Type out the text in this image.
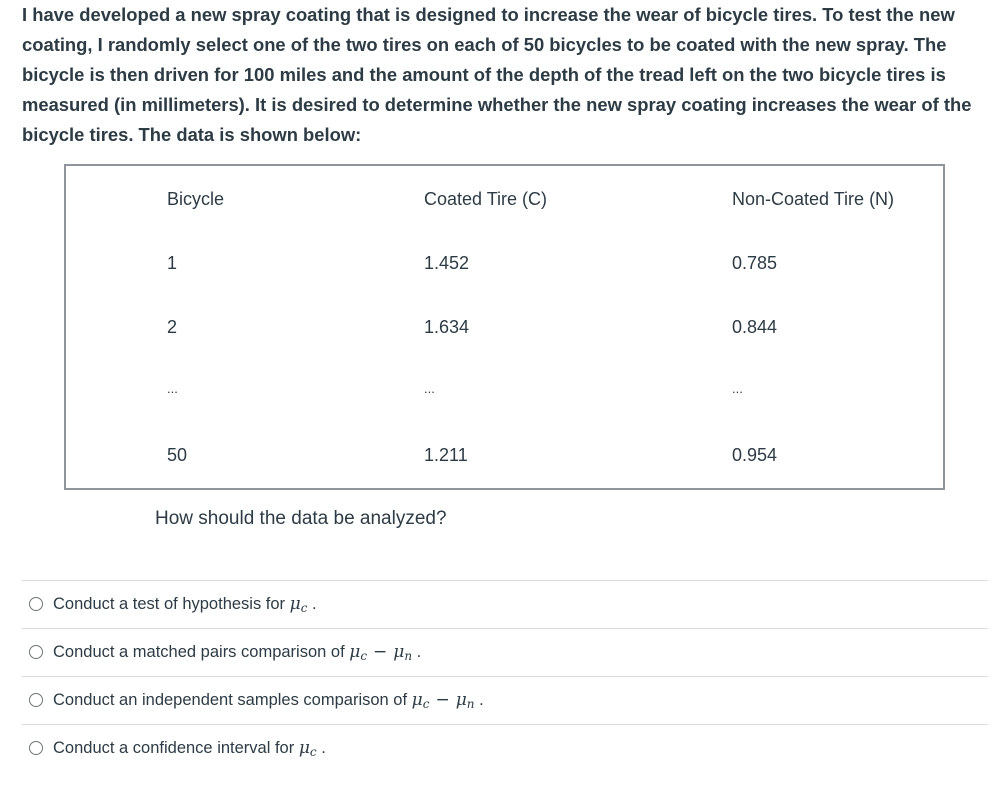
I have developed a new spray coating that is designed to increase the wear of bicycle tires. To test the new coating, I randomly select one of the two tires on each of 50 bicycles to be coated with the new spray. The bicycle is then driven for 100 miles and the amount of the depth of the tread left on the two bicycle tires is measured (in millimeters). It is desired to determine whether the new spray coating increases the wear of the bicycle tires. The data is shown below:
Bicycle	Coated Tire (C)	Non-Coated Tire (N)
1	1.452	0.785
2	1.634	0.844
...	...	...
50	1.211	0.954
How should the data be analyzed?
Conduct a test of hypothesis for $\mu_c$ .
Conduct a matched pairs comparison of $\mu_c - \mu_n$ .
Conduct an independent samples comparison of $\mu_c - \mu_n$ .
Conduct a confidence interval for $\mu_c$ .
